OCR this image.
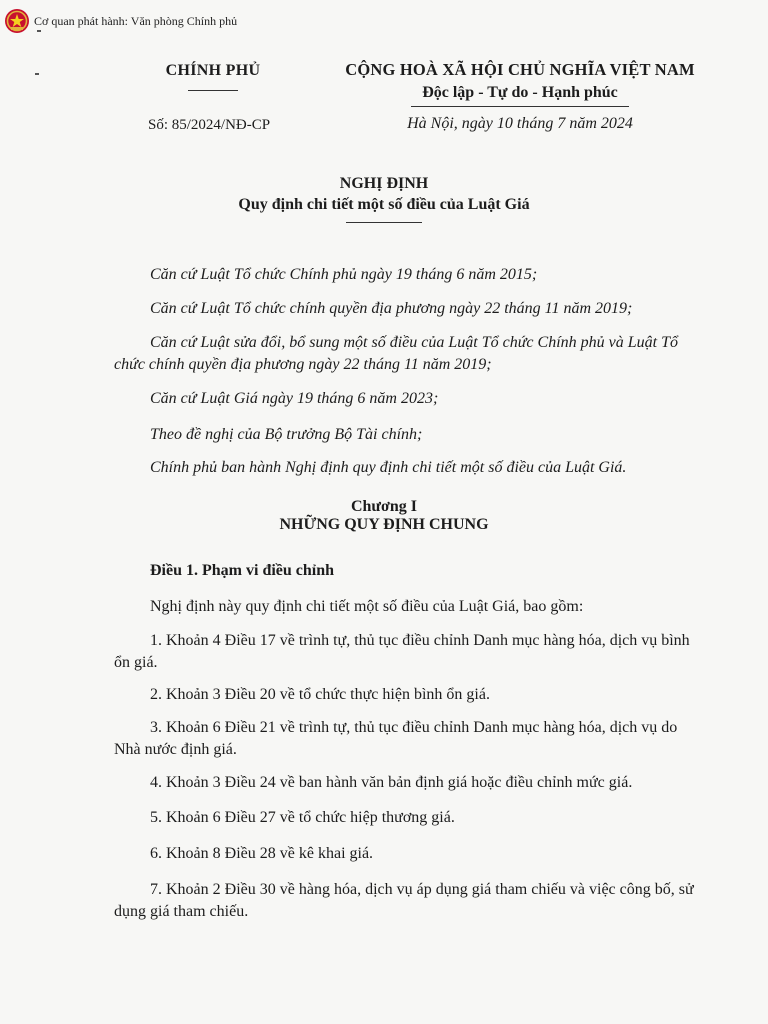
Cơ quan phát hành: Văn phòng Chính phủ
CHÍNH PHỦ	CỘNG HOÀ XÃ HỘI CHỦ NGHĨA VIỆT NAM
Độc lập - Tự do - Hạnh phúc
Số: 85/2024/NĐ-CP	Hà Nội, ngày 10 tháng 7 năm 2024
NGHỊ ĐỊNH
Quy định chi tiết một số điều của Luật Giá
Căn cứ Luật Tổ chức Chính phủ ngày 19 tháng 6 năm 2015;
Căn cứ Luật Tổ chức chính quyền địa phương ngày 22 tháng 11 năm 2019;
Căn cứ Luật sửa đổi, bổ sung một số điều của Luật Tổ chức Chính phủ và Luật Tổ chức chính quyền địa phương ngày 22 tháng 11 năm 2019;
Căn cứ Luật Giá ngày 19 tháng 6 năm 2023;
Theo đề nghị của Bộ trưởng Bộ Tài chính;
Chính phủ ban hành Nghị định quy định chi tiết một số điều của Luật Giá.
Chương I
NHỮNG QUY ĐỊNH CHUNG
Điều 1. Phạm vi điều chỉnh
Nghị định này quy định chi tiết một số điều của Luật Giá, bao gồm:
1. Khoản 4 Điều 17 về trình tự, thủ tục điều chỉnh Danh mục hàng hóa, dịch vụ bình ổn giá.
2. Khoản 3 Điều 20 về tổ chức thực hiện bình ổn giá.
3. Khoản 6 Điều 21 về trình tự, thủ tục điều chỉnh Danh mục hàng hóa, dịch vụ do Nhà nước định giá.
4. Khoản 3 Điều 24 về ban hành văn bản định giá hoặc điều chỉnh mức giá.
5. Khoản 6 Điều 27 về tổ chức hiệp thương giá.
6. Khoản 8 Điều 28 về kê khai giá.
7. Khoản 2 Điều 30 về hàng hóa, dịch vụ áp dụng giá tham chiếu và việc công bố, sử dụng giá tham chiếu.
